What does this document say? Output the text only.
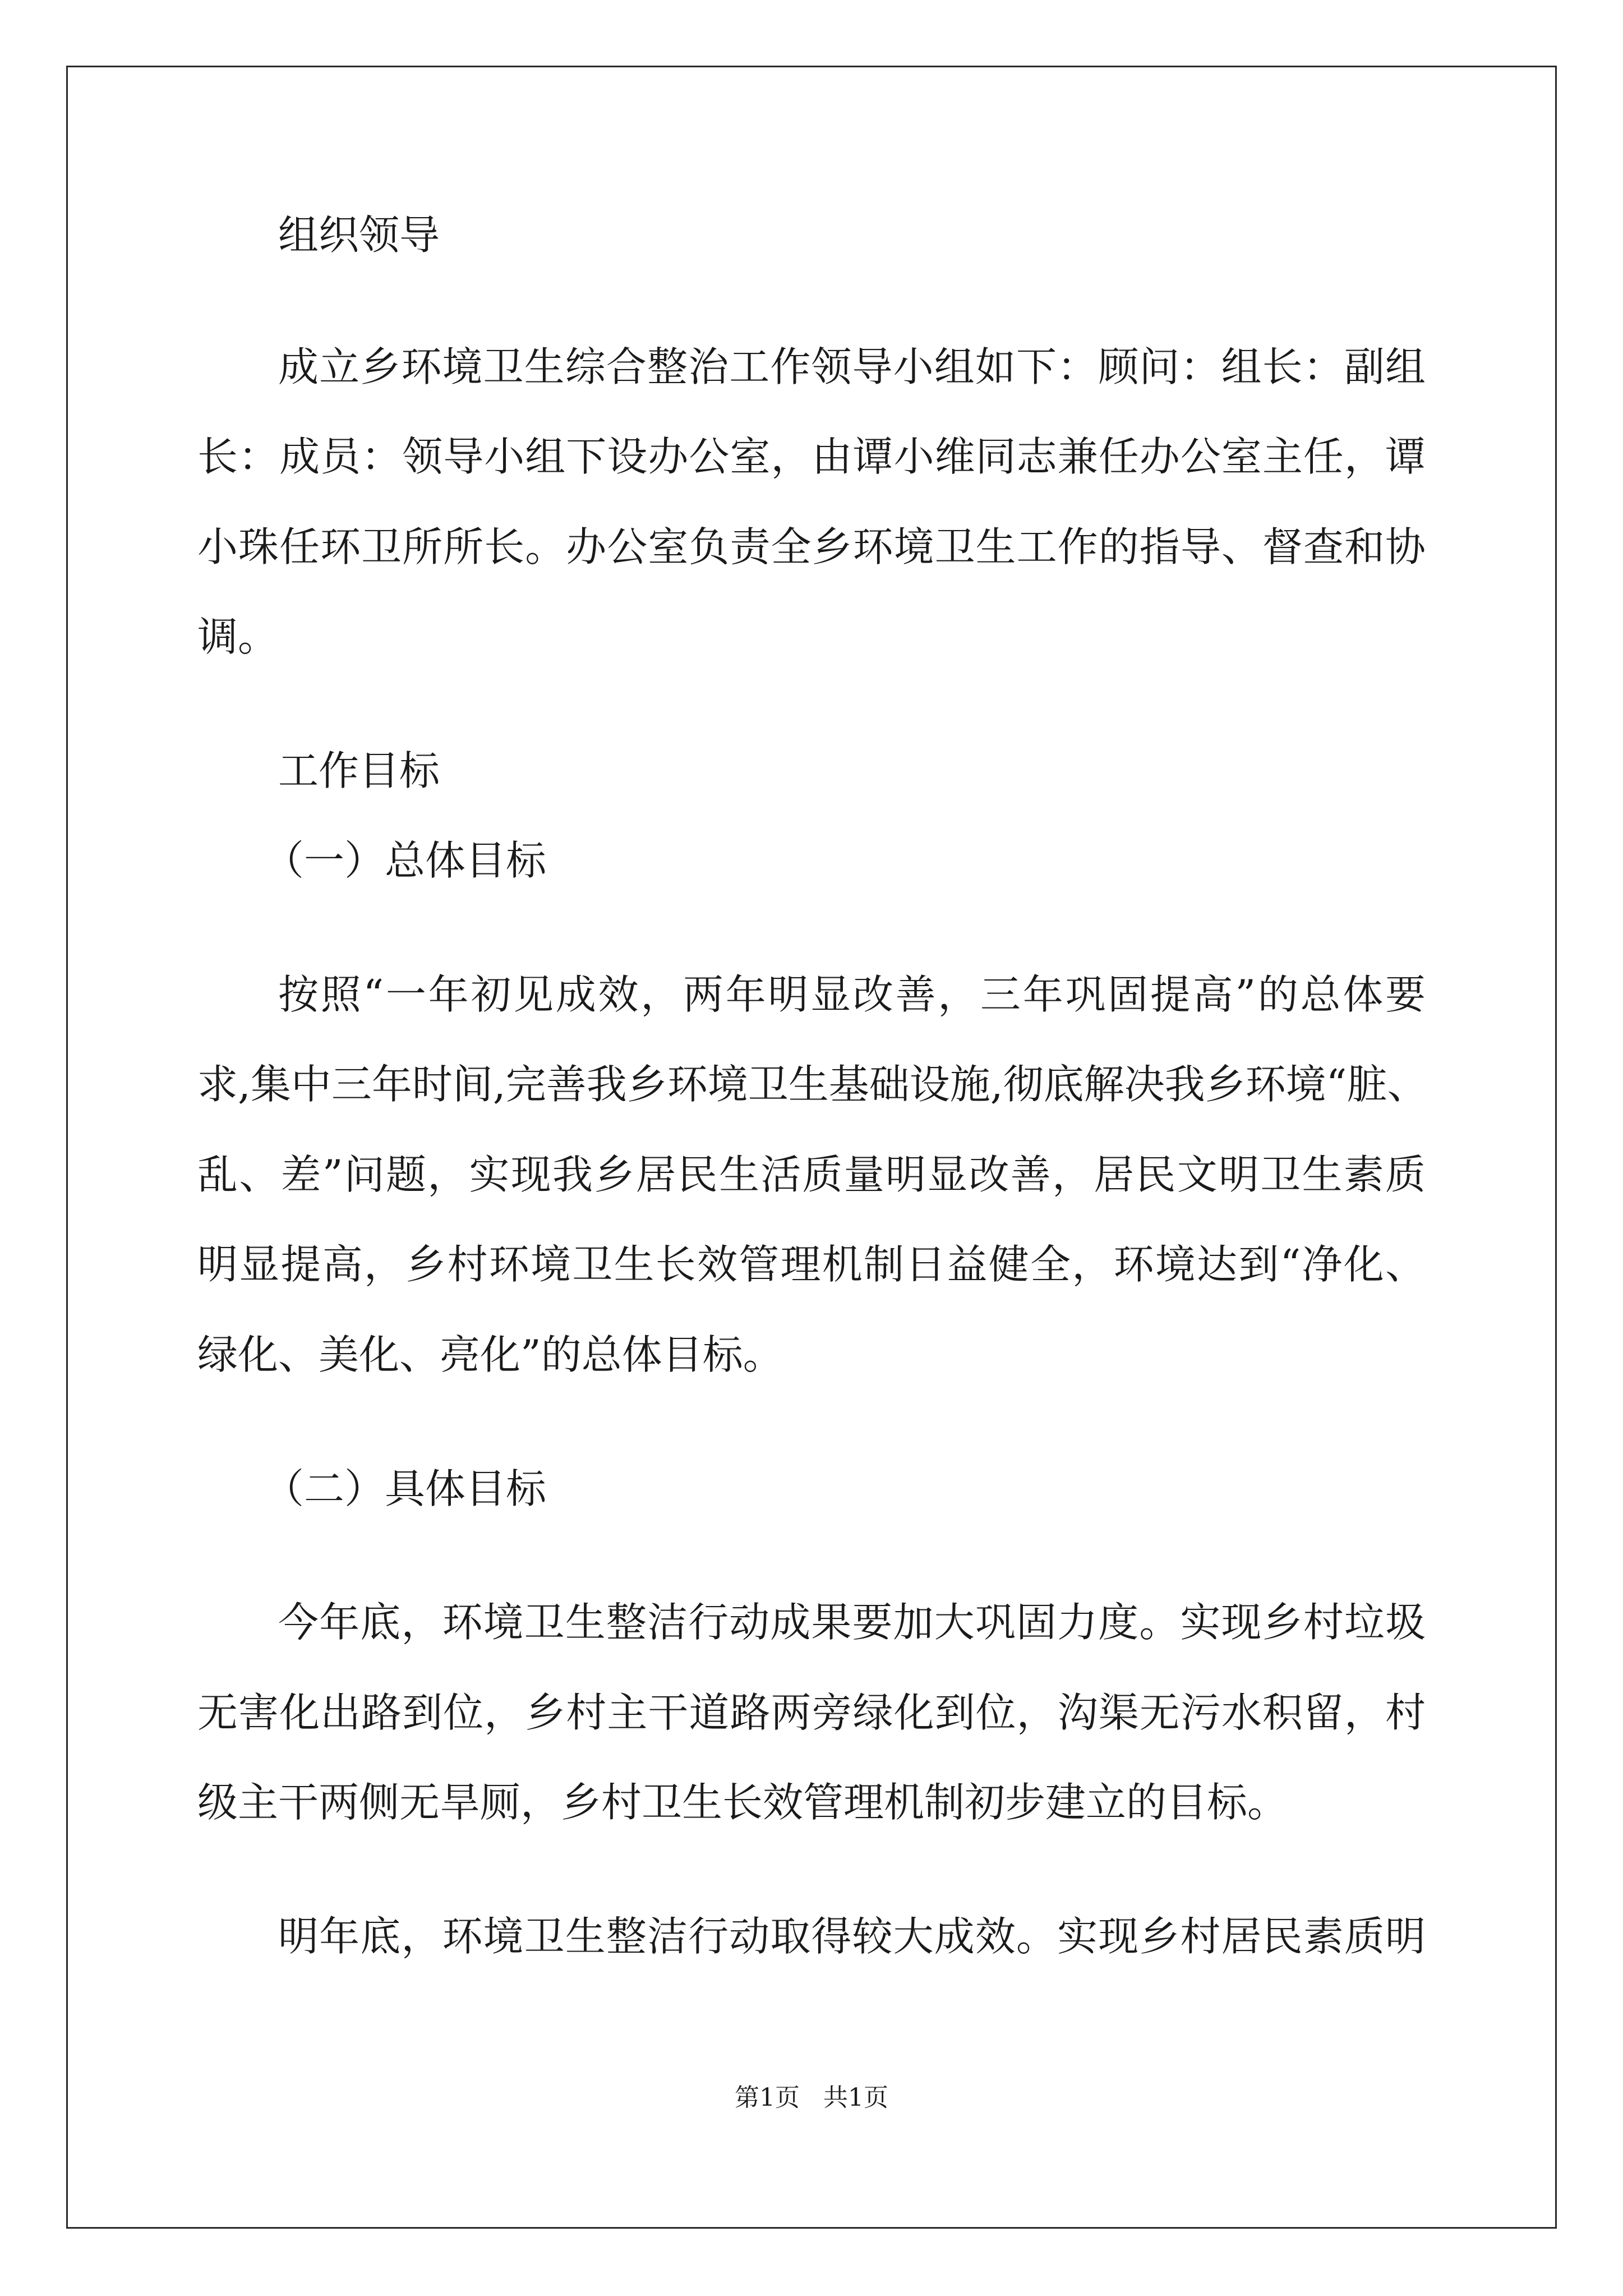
组织领导
成立乡环境卫生综合整治工作领导小组如下：顾问：组长：副组
长：成员：领导小组下设办公室，由谭小维同志兼任办公室主任，谭
小珠任环卫所所长。办公室负责全乡环境卫生工作的指导、督查和协
调。
工作目标
（一）总体目标
按照“一年初见成效，两年明显改善，三年巩固提高”的总体要
求,集中三年时间,完善我乡环境卫生基础设施,彻底解决我乡环境“脏、
乱、差”问题，实现我乡居民生活质量明显改善，居民文明卫生素质
明显提高，乡村环境卫生长效管理机制日益健全，环境达到“净化、
绿化、美化、亮化”的总体目标。
（二）具体目标
今年底，环境卫生整洁行动成果要加大巩固力度。实现乡村垃圾
无害化出路到位，乡村主干道路两旁绿化到位，沟渠无污水积留，村
级主干两侧无旱厕，乡村卫生长效管理机制初步建立的目标。
明年底，环境卫生整洁行动取得较大成效。实现乡村居民素质明
第1页   共1页
